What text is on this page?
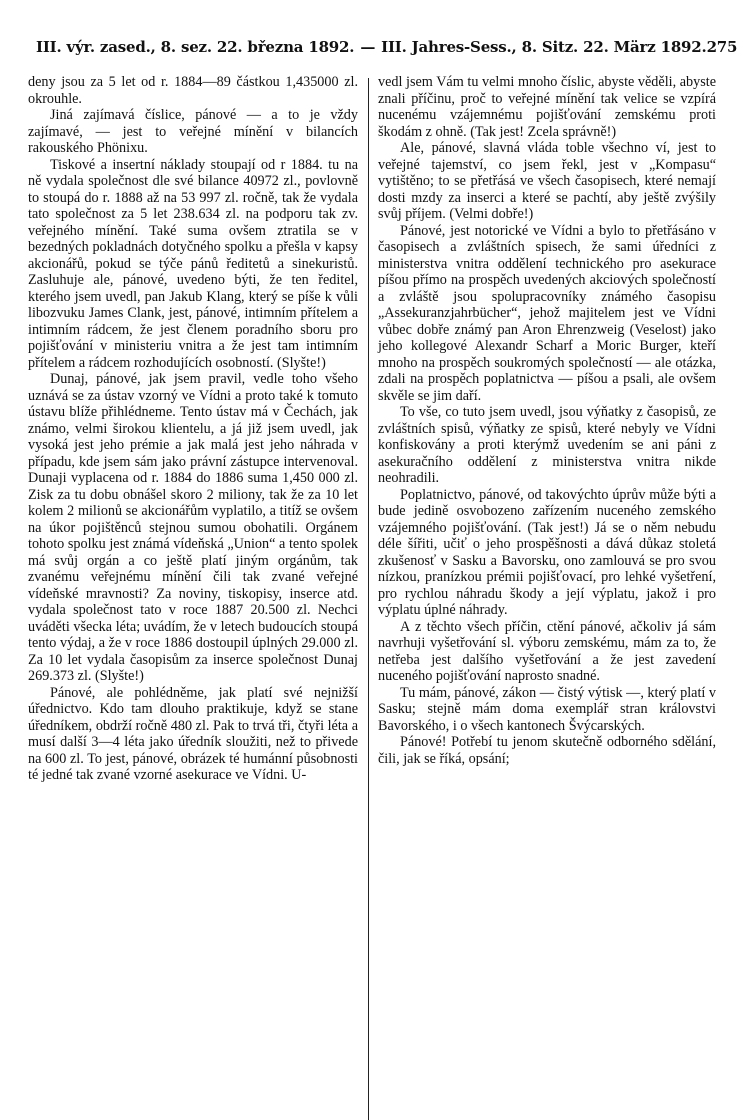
III. výr. zased., 8. sez. 22. března 1892. — III. Jahres-Sess., 8. Sitz. 22. März 1892. 275

deny jsou za 5 let od r. 1884—89 částkou 1,435000 zl. okrouhle.

Jiná zajímavá číslice, pánové — a to je vždy zajímavé, — jest to veřejné mínění v bilancích rakouského Phönixu.

Tiskové a insertní náklady stoupají od r 1884. tu na ně vydala společnost dle své bilance 40972 zl., povlovně to stoupá do r. 1888 až na 53 997 zl. ročně, tak že vydala tato společnost za 5 let 238.634 zl. na podporu tak zv. veřejného mínění. Také suma ovšem ztratila se v bezedných pokladnách dotyčného spolku a přešla v kapsy akcionářů, pokud se týče pánů ředitetů a sinekuristů. Zasluhuje ale, pánové, uvedeno býti, že ten ředitel, kterého jsem uvedl, pan Jakub Klang, který se píše k vůli libozvuku James Clank, jest, pánové, intimním přítelem a intimním rádcem, že jest členem poradního sboru pro pojišťování v ministeriu vnitra a že jest tam intimním přítelem a rádcem rozhodujících osobností. (Slyšte!)

Dunaj, pánové, jak jsem pravil, vedle toho všeho uznává se za ústav vzorný ve Vídni a proto také k tomuto ústavu blíže přihlédneme. Tento ústav má v Čechách, jak známo, velmi širokou klientelu, a já již jsem uvedl, jak vysoká jest jeho prémie a jak malá jest jeho náhrada v případu, kde jsem sám jako právní zástupce intervenoval. Dunaji vyplacena od r. 1884 do 1886 suma 1,450 000 zl. Zisk za tu dobu obnášel skoro 2 miliony, tak že za 10 let kolem 2 milionů se akcionářům vyplatilo, a titíž se ovšem na úkor pojištěnců stejnou sumou obohatili. Orgánem tohoto spolku jest známá vídeňská „Union“ a tento spolek má svůj orgán a co ještě platí jiným orgánům, tak zvanému veřejnému mínění čili tak zvané veřejné vídeňské mravnosti? Za noviny, tiskopisy, inserce atd. vydala společnost tato v roce 1887 20.500 zl. Nechci uváděti všecka léta; uvádím, že v letech budoucích stoupá tento výdaj, a že v roce 1886 dostoupil úplných 29.000 zl. Za 10 let vydala časopisům za inserce společnost Dunaj 269.373 zl. (Slyšte!)

Pánové, ale pohlédněme, jak platí své nejnižší úřednictvo. Kdo tam dlouho praktikuje, když se stane úředníkem, obdrží ročně 480 zl. Pak to trvá tři, čtyři léta a musí další 3—4 léta jako úředník sloužiti, než to přivede na 600 zl. To jest, pánové, obrázek té humánní působnosti té jedné tak zvané vzorné asekurace ve Vídni. U-

vedl jsem Vám tu velmi mnoho číslic, abyste věděli, abyste znali příčinu, proč to veřejné mínění tak velice se vzpírá nucenému vzájemnému pojišťování zemskému proti škodám z ohně. (Tak jest! Zcela správně!)

Ale, pánové, slavná vláda toble všechno ví, jest to veřejné tajemství, co jsem řekl, jest v „Kompasu“ vytištěno; to se přetřásá ve všech časopisech, které nemají dosti mzdy za inserci a které se pachtí, aby ještě zvýšily svůj příjem. (Velmi dobře!)

Pánové, jest notorické ve Vídni a bylo to přetřásáno v časopisech a zvláštních spisech, že sami úředníci z ministerstva vnitra oddělení technického pro asekurace píšou přímo na prospěch uvedených akciových společností a zvláště jsou spolupracovníky známého časopisu „Assekuranzjahrbücher“, jehož majitelem jest ve Vídni vůbec dobře známý pan Aron Ehrenzweig (Veselost) jako jeho kollegové Alexandr Scharf a Moric Burger, kteří mnoho na prospěch soukromých společností — ale otázka, zdali na prospěch poplatnictva — píšou a psali, ale ovšem skvěle se jim daří.

To vše, co tuto jsem uvedl, jsou výňatky z časopisů, ze zvláštních spisů, výňatky ze spisů, které nebyly ve Vídni konfiskovány a proti kterýmž uvedením se ani páni z asekuračního oddělení z ministerstva vnitra nikde neohradili.

Poplatnictvo, pánové, od takovýchto úprův může býti a bude jedině osvobozeno zařízením nuceného zemského vzájemného pojišťování. (Tak jest!) Já se o něm nebudu déle šířiti, učiť o jeho prospěšnosti a dává důkaz stoletá zkušenosť v Sasku a Bavorsku, ono zamlouvá se pro svou nízkou, pranízkou prémii pojišťovací, pro lehké vyšetření, pro rychlou náhradu škody a její výplatu, jakož i pro výplatu úplné náhrady.

A z těchto všech příčin, ctění pánové, ačkoliv já sám navrhuji vyšetřování sl. výboru zemskému, mám za to, že netřeba jest dalšího vyšetřování a že jest zavedení nuceného pojišťování naprosto snadné.

Tu mám, pánové, zákon — čistý výtisk —, který platí v Sasku; stejně mám doma exemplář stran královstvi Bavorského, i o všech kantonech Švýcarských.

Pánové! Potřebí tu jenom skutečně odborného sdělání, čili, jak se říká, opsání;
